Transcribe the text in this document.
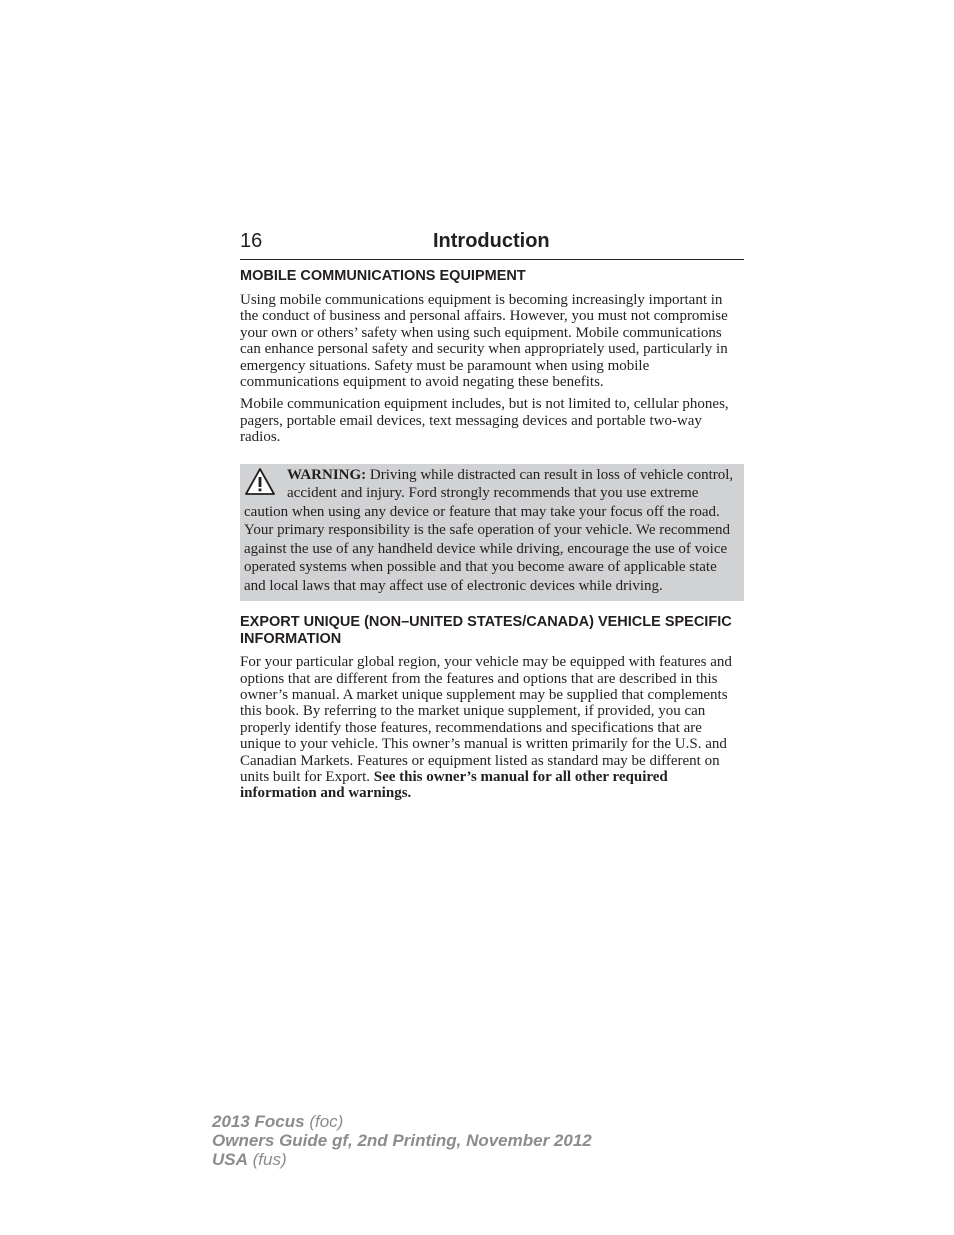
16	Introduction
MOBILE COMMUNICATIONS EQUIPMENT

Using mobile communications equipment is becoming increasingly important in the conduct of business and personal affairs. However, you must not compromise your own or others’ safety when using such equipment. Mobile communications can enhance personal safety and security when appropriately used, particularly in emergency situations. Safety must be paramount when using mobile communications equipment to avoid negating these benefits.

Mobile communication equipment includes, but is not limited to, cellular phones, pagers, portable email devices, text messaging devices and portable two-way radios.

WARNING: Driving while distracted can result in loss of vehicle control, accident and injury. Ford strongly recommends that you use extreme caution when using any device or feature that may take your focus off the road. Your primary responsibility is the safe operation of your vehicle. We recommend against the use of any handheld device while driving, encourage the use of voice operated systems when possible and that you become aware of applicable state and local laws that may affect use of electronic devices while driving.
EXPORT UNIQUE (NON–UNITED STATES/CANADA) VEHICLE SPECIFIC INFORMATION

For your particular global region, your vehicle may be equipped with features and options that are different from the features and options that are described in this owner’s manual. A market unique supplement may be supplied that complements this book. By referring to the market unique supplement, if provided, you can properly identify those features, recommendations and specifications that are unique to your vehicle. This owner’s manual is written primarily for the U.S. and Canadian Markets. Features or equipment listed as standard may be different on units built for Export. See this owner’s manual for all other required information and warnings.

2013 Focus (foc)
Owners Guide gf, 2nd Printing, November 2012
USA (fus)
